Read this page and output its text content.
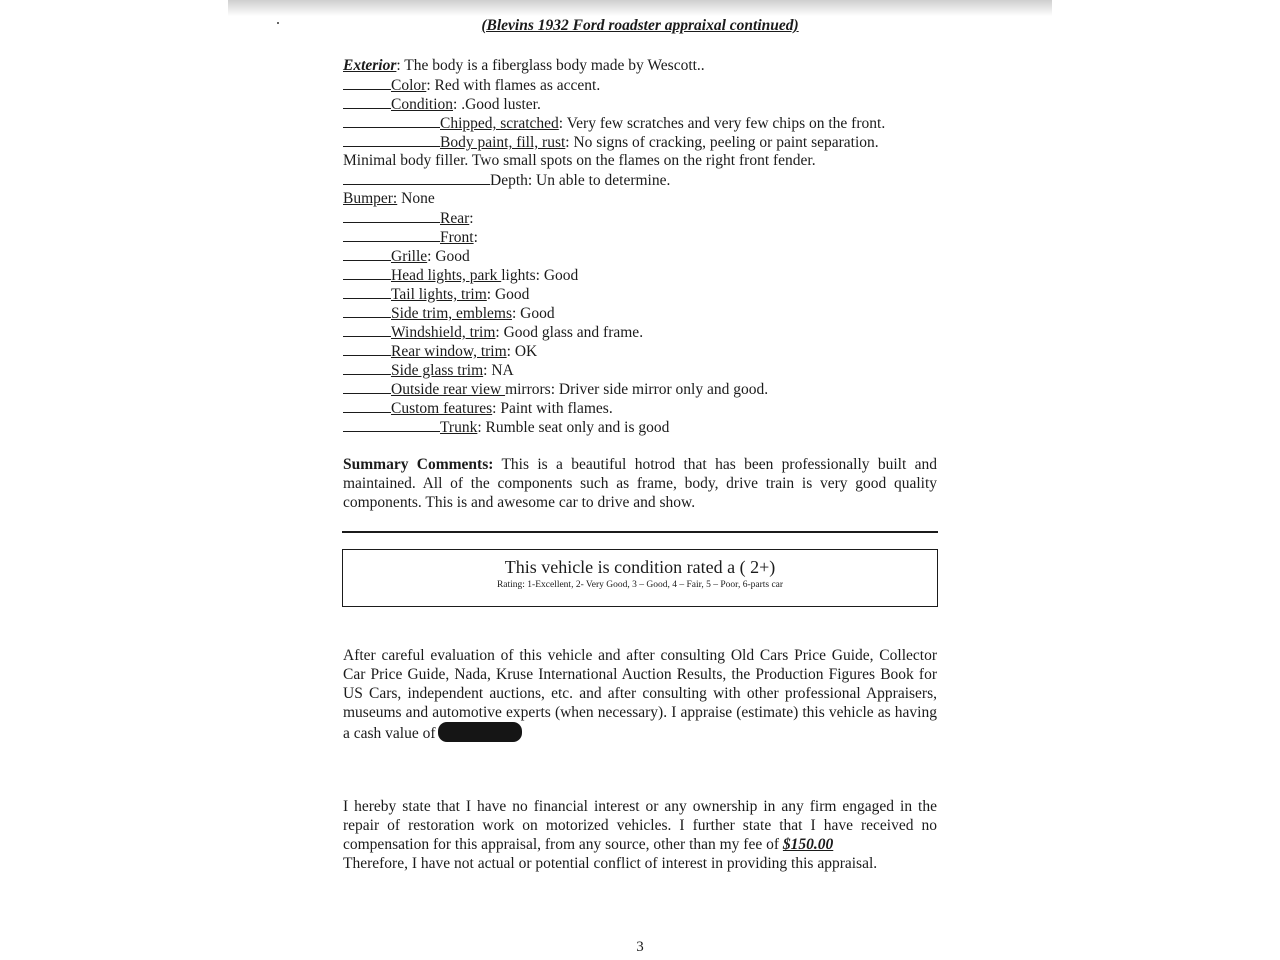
(Blevins 1932 Ford roadster appraixal continued)
Exterior: The body is a fiberglass body made by Wescott..
Color: Red with flames as accent.
Condition: .Good luster.
Chipped, scratched: Very few scratches and very few chips on the front.
Body paint, fill, rust: No signs of cracking, peeling or paint separation.
Minimal body filler. Two small spots on the flames on the right front fender.
Depth: Un able to determine.
Bumper: None
Rear:
Front:
Grille: Good
Head lights, park lights: Good
Tail lights, trim: Good
Side trim, emblems: Good
Windshield, trim: Good glass and frame.
Rear window, trim: OK
Side glass trim: NA
Outside rear view mirrors: Driver side mirror only and good.
Custom features: Paint with flames.
Trunk: Rumble seat only and is good
Summary Comments: This is a beautiful hotrod that has been professionally built and maintained. All of the components such as frame, body, drive train is very good quality components. This is and awesome car to drive and show.
This vehicle is condition rated a ( 2+)
Rating: 1-Excellent, 2- Very Good, 3 – Good, 4 – Fair, 5 – Poor, 6-parts car
After careful evaluation of this vehicle and after consulting Old Cars Price Guide, Collector Car Price Guide, Nada, Kruse International Auction Results, the Production Figures Book for US Cars, independent auctions, etc. and after consulting with other professional Appraisers, museums and automotive experts (when necessary). I appraise (estimate) this vehicle as having a cash value of
I hereby state that I have no financial interest or any ownership in any firm engaged in the repair of restoration work on motorized vehicles. I further state that I have received no compensation for this appraisal, from any source, other than my fee of $150.00
Therefore, I have not actual or potential conflict of interest in providing this appraisal.
3
